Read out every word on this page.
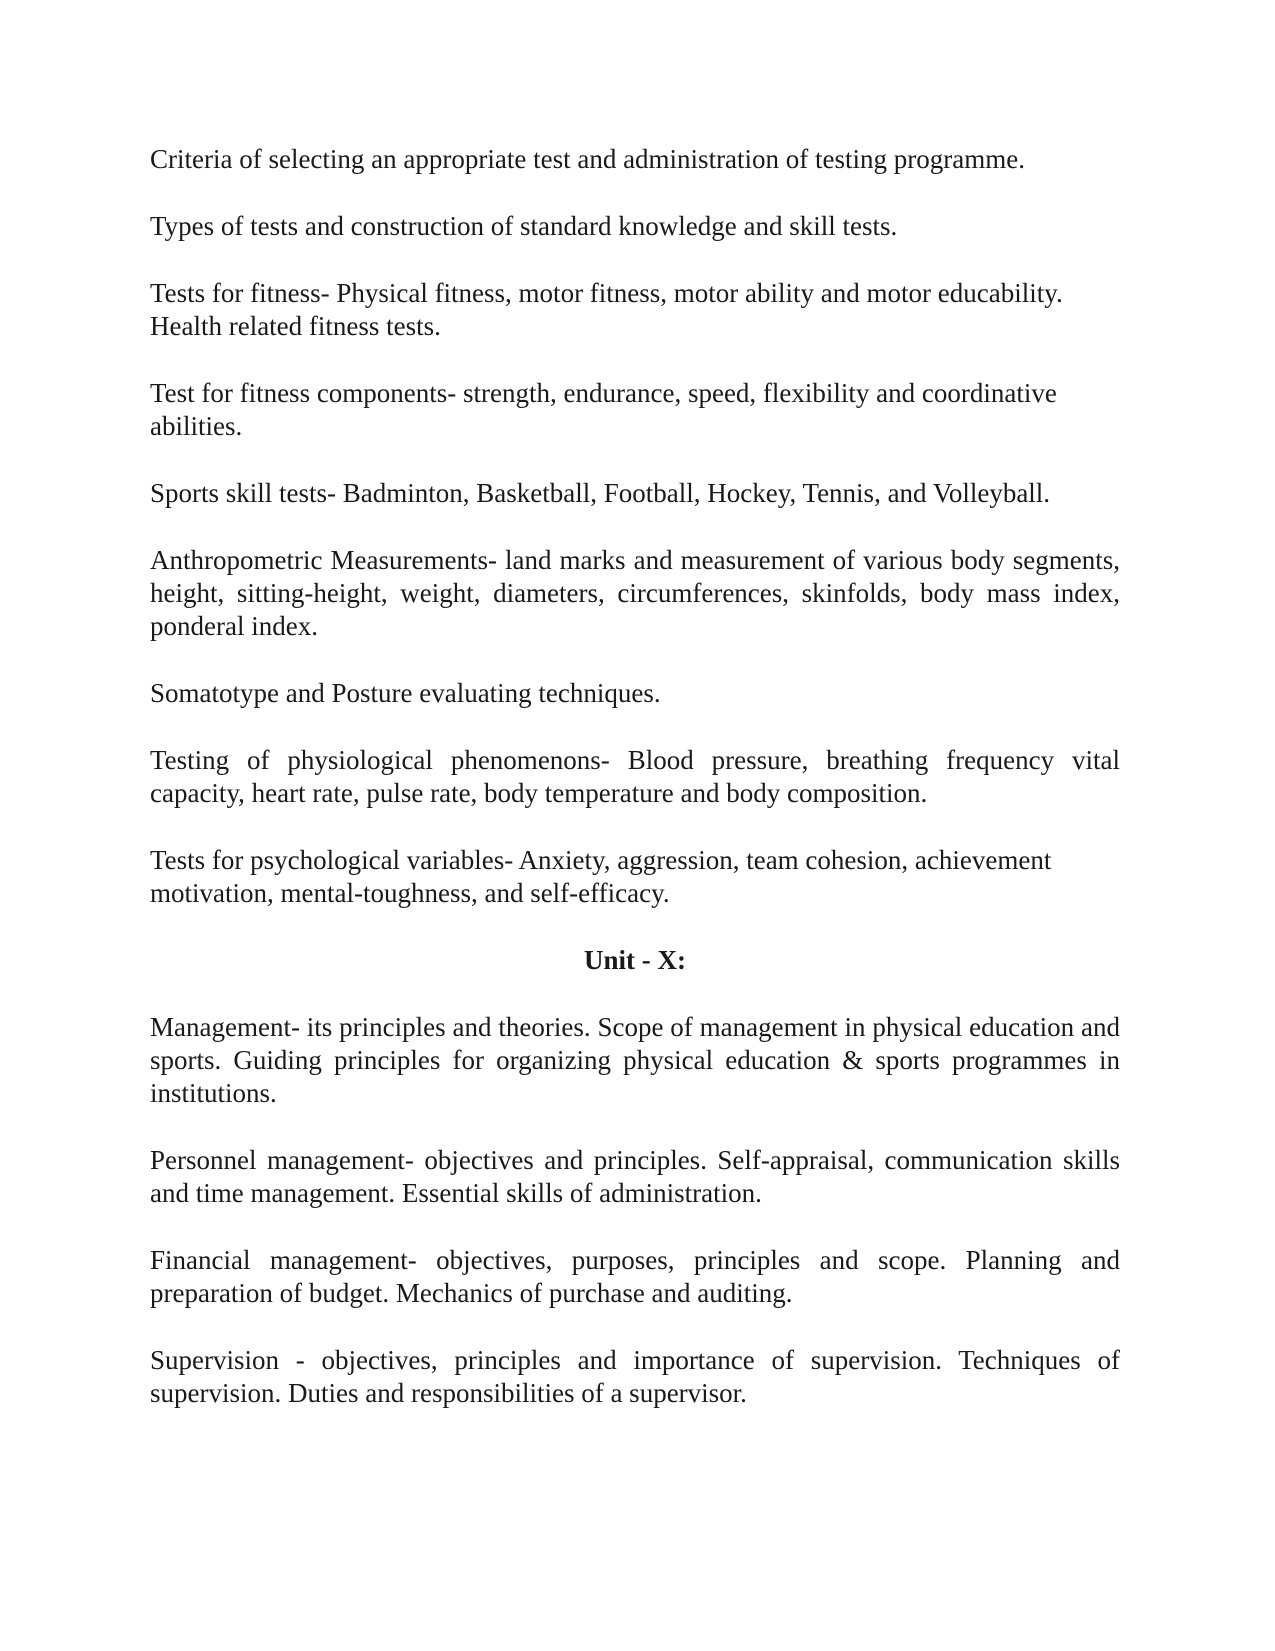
Criteria of selecting an appropriate test and administration of testing programme.

Types of tests and construction of standard knowledge and skill tests.

Tests for fitness- Physical fitness, motor fitness, motor ability and motor educability. Health related fitness tests.

Test for fitness components- strength, endurance, speed, flexibility and coordinative abilities.

Sports skill tests- Badminton, Basketball, Football, Hockey, Tennis, and Volleyball.

Anthropometric Measurements- land marks and measurement of various body segments, height, sitting-height, weight, diameters, circumferences, skinfolds, body mass index, ponderal index.

Somatotype and Posture evaluating techniques.

Testing of physiological phenomenons- Blood pressure, breathing frequency vital capacity, heart rate, pulse rate, body temperature and body composition.

Tests for psychological variables- Anxiety, aggression, team cohesion, achievement motivation, mental-toughness, and self-efficacy.

Unit - X:

Management- its principles and theories. Scope of management in physical education and sports. Guiding principles for organizing physical education & sports programmes in institutions.

Personnel management- objectives and principles. Self-appraisal, communication skills and time management. Essential skills of administration.

Financial management- objectives, purposes, principles and scope. Planning and preparation of budget. Mechanics of purchase and auditing.

Supervision - objectives, principles and importance of supervision. Techniques of supervision. Duties and responsibilities of a supervisor.
